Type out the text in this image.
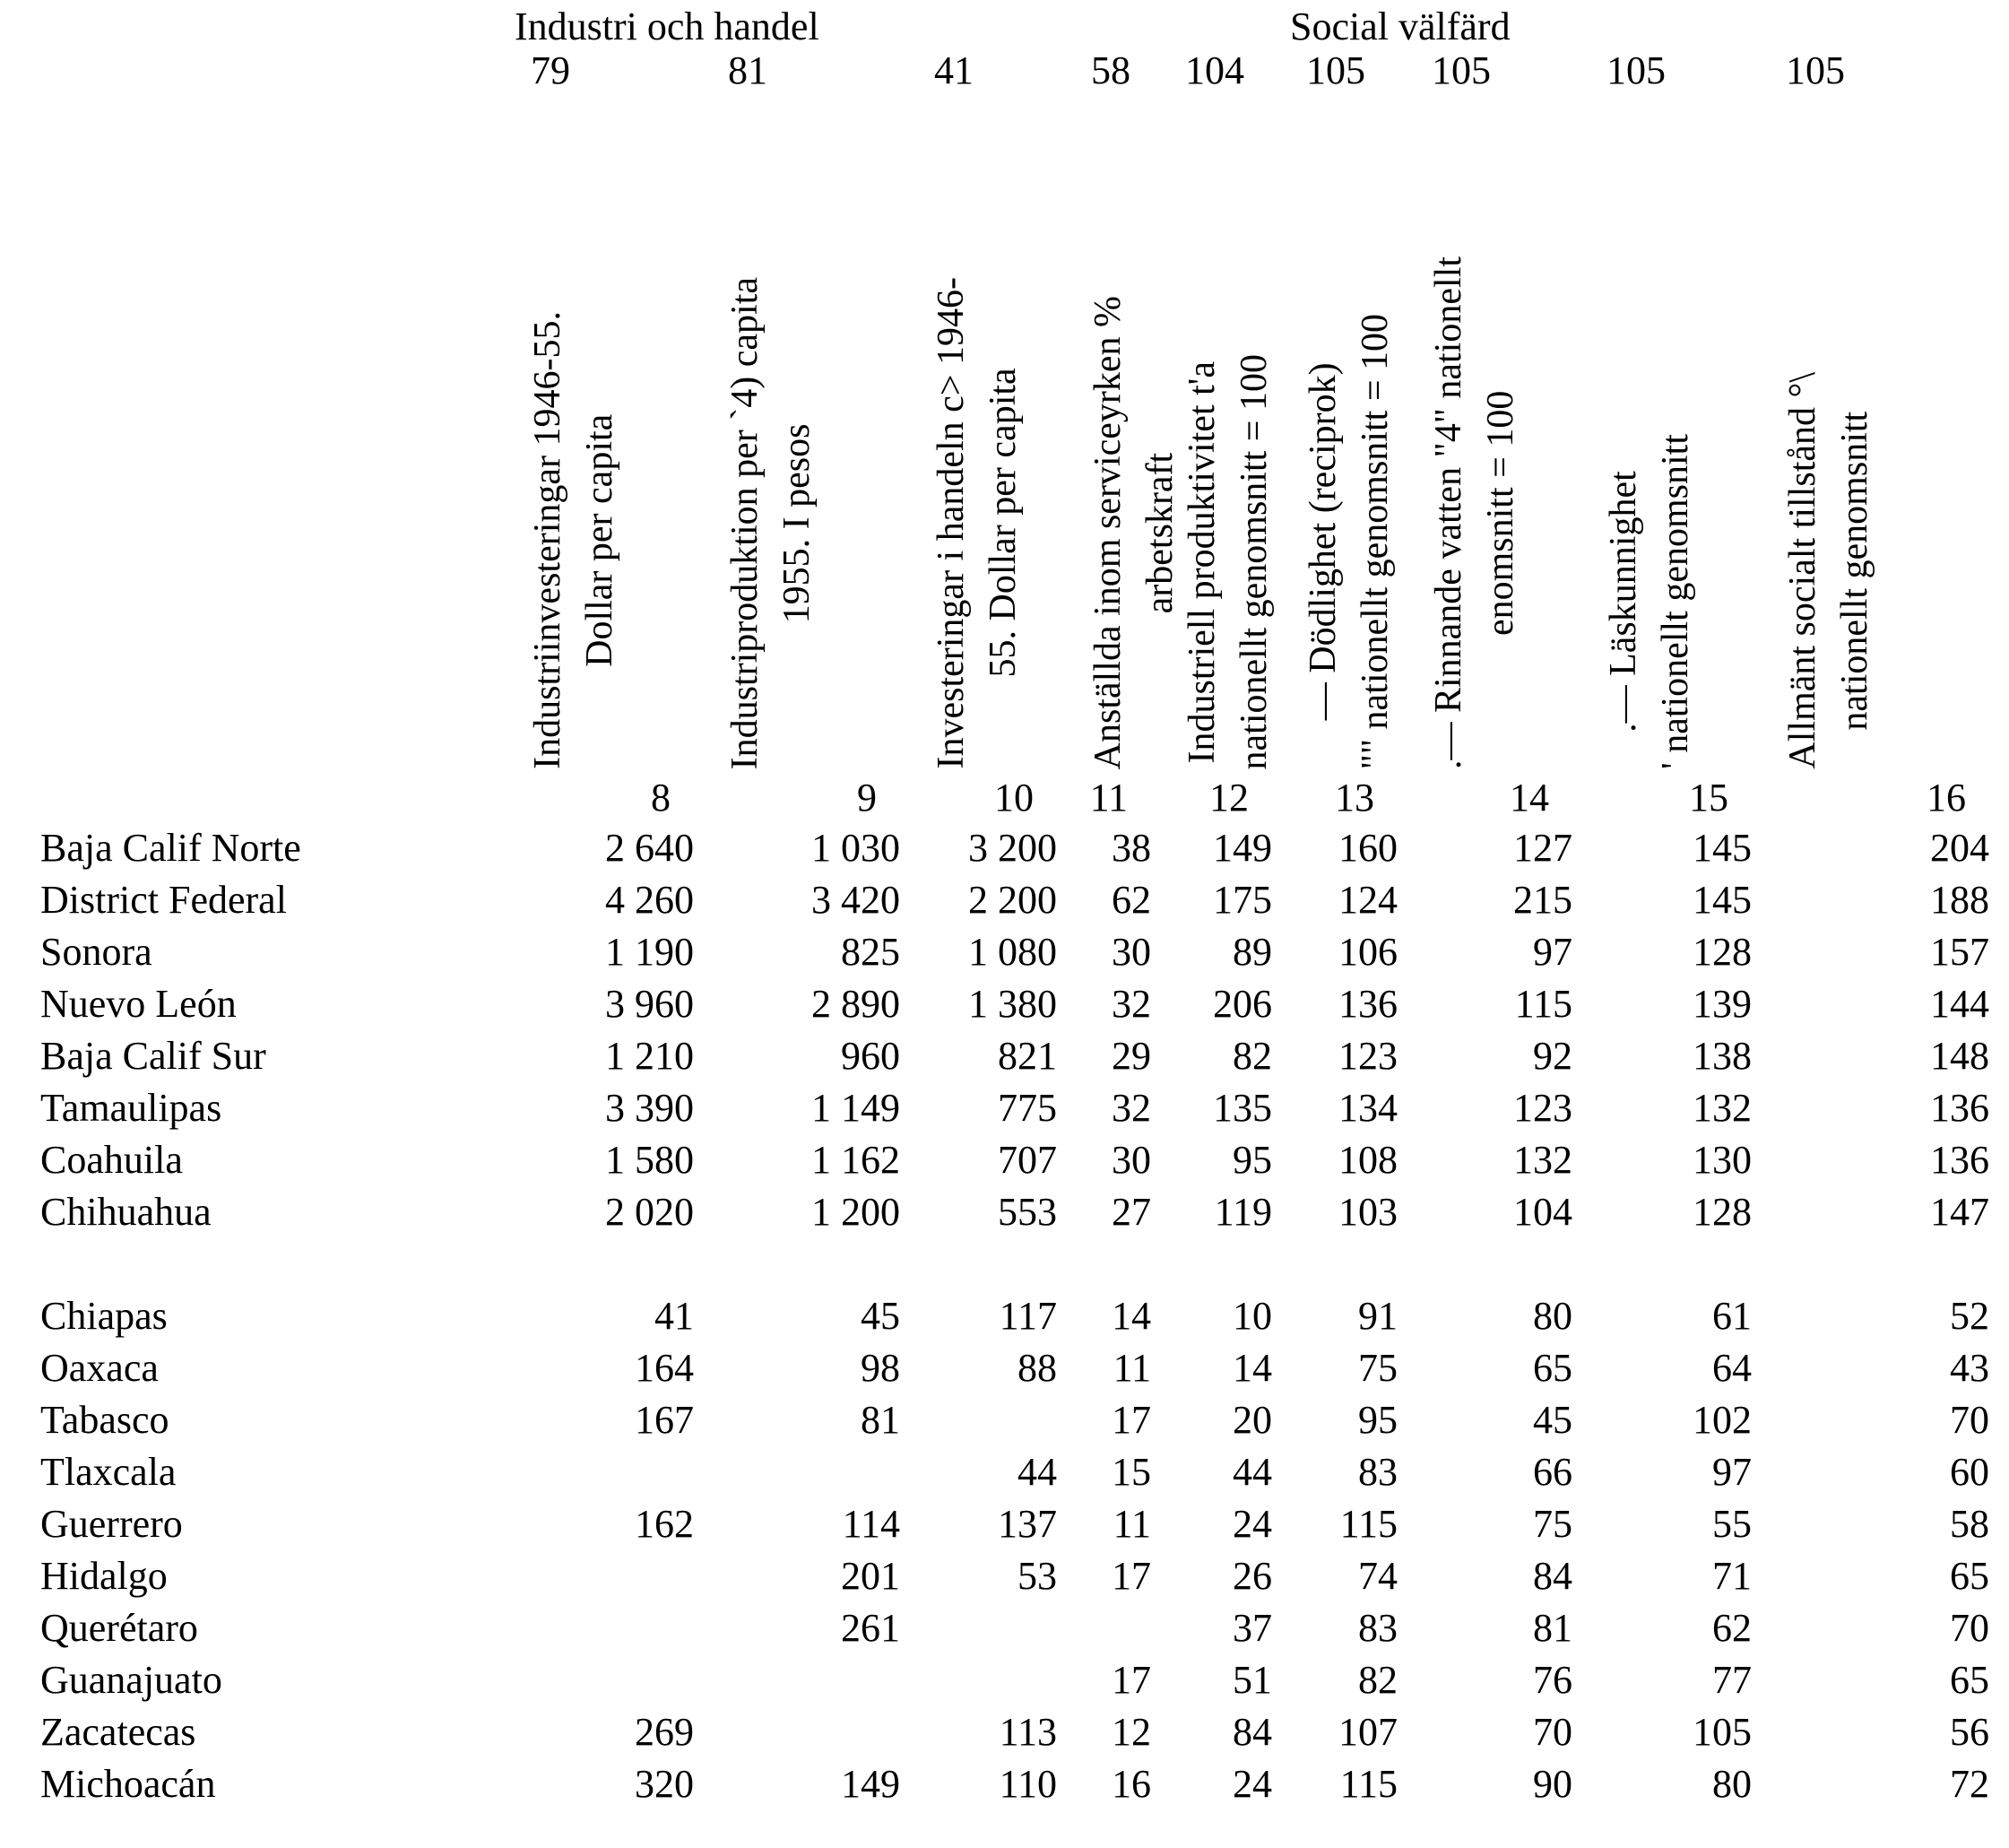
	Industri och handel					Social välfärd			
	79	81	41	58	104	105	105	105	105

	Industriinvesteringar 1946-55. Dollar per capita	Industriproduktion per `4) capita 1955. I pesos	Investeringar i handeln c> 1946- 55. Dollar per capita	Anställda inom serviceyrken % arbetskraft	Industriell produktivitet t'a nationellt genomsnitt = 100	— Dödlighet (reciprok) "" nationellt genomsnitt = 100	.— Rinnande vatten "4" nationellt enomsnitt = 100	.— Läskunnighet ' nationellt genomsnitt	Allmänt socialt tillstånd °\ nationellt genomsnitt

	8	9	10	11	12	13	14	15	16
Baja Calif Norte	2 640	1 030	3 200	38	149	160	127	145	204
District Federal	4 260	3 420	2 200	62	175	124	215	145	188
Sonora	1 190	825	1 080	30	89	106	97	128	157
Nuevo León	3 960	2 890	1 380	32	206	136	115	139	144
Baja Calif Sur	1 210	960	821	29	82	123	92	138	148
Tamaulipas	3 390	1 149	775	32	135	134	123	132	136
Coahuila	1 580	1 162	707	30	95	108	132	130	136
Chihuahua	2 020	1 200	553	27	119	103	104	128	147

Chiapas	41	45	117	14	10	91	80	61	52
Oaxaca	164	98	88	11	14	75	65	64	43
Tabasco	167	81		17	20	95	45	102	70
Tlaxcala			44	15	44	83	66	97	60
Guerrero	162	114	137	11	24	115	75	55	58
Hidalgo		201	53	17	26	74	84	71	65
Querétaro		261			37	83	81	62	70
Guanajuato				17	51	82	76	77	65
Zacatecas	269		113	12	84	107	70	105	56
Michoacán	320	149	110	16	24	115	90	80	72
